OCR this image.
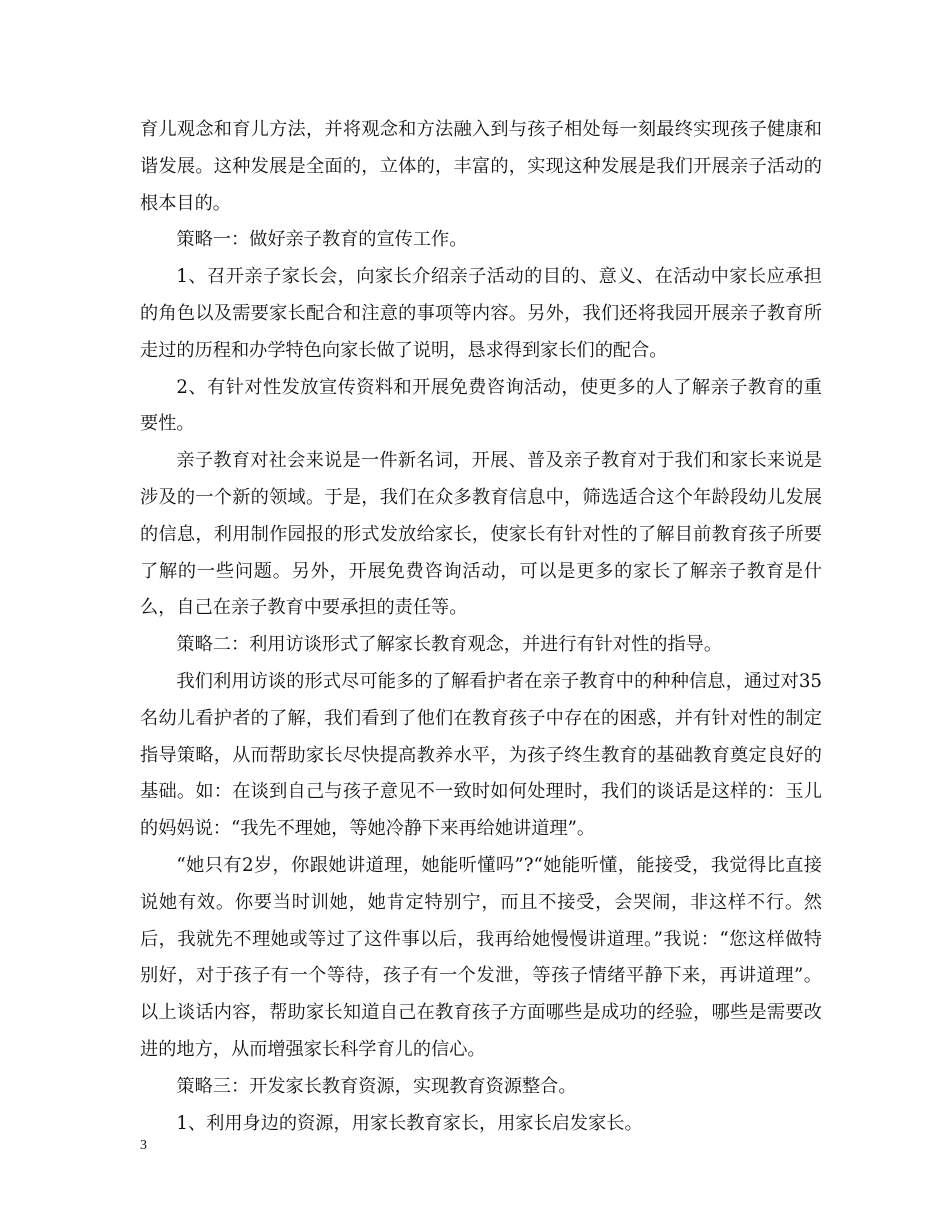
育儿观念和育儿方法，并将观念和方法融入到与孩子相处每一刻最终实现孩子健康和谐发展。这种发展是全面的，立体的，丰富的，实现这种发展是我们开展亲子活动的根本目的。

策略一：做好亲子教育的宣传工作。

1、召开亲子家长会，向家长介绍亲子活动的目的、意义、在活动中家长应承担的角色以及需要家长配合和注意的事项等内容。另外，我们还将我园开展亲子教育所走过的历程和办学特色向家长做了说明，恳求得到家长们的配合。

2、有针对性发放宣传资料和开展免费咨询活动，使更多的人了解亲子教育的重要性。

亲子教育对社会来说是一件新名词，开展、普及亲子教育对于我们和家长来说是涉及的一个新的领域。于是，我们在众多教育信息中，筛选适合这个年龄段幼儿发展的信息，利用制作园报的形式发放给家长，使家长有针对性的了解目前教育孩子所要了解的一些问题。另外，开展免费咨询活动，可以是更多的家长了解亲子教育是什么，自己在亲子教育中要承担的责任等。

策略二：利用访谈形式了解家长教育观念，并进行有针对性的指导。

我们利用访谈的形式尽可能多的了解看护者在亲子教育中的种种信息，通过对35名幼儿看护者的了解，我们看到了他们在教育孩子中存在的困惑，并有针对性的制定指导策略，从而帮助家长尽快提高教养水平，为孩子终生教育的基础教育奠定良好的基础。如：在谈到自己与孩子意见不一致时如何处理时，我们的谈话是这样的：玉儿的妈妈说：“我先不理她，等她冷静下来再给她讲道理”。

“她只有2岁，你跟她讲道理，她能听懂吗”?“她能听懂，能接受，我觉得比直接说她有效。你要当时训她，她肯定特别宁，而且不接受，会哭闹，非这样不行。然后，我就先不理她或等过了这件事以后，我再给她慢慢讲道理。”我说：“您这样做特别好，对于孩子有一个等待，孩子有一个发泄，等孩子情绪平静下来，再讲道理”。以上谈话内容，帮助家长知道自己在教育孩子方面哪些是成功的经验，哪些是需要改进的地方，从而增强家长科学育儿的信心。

策略三：开发家长教育资源，实现教育资源整合。

1、利用身边的资源，用家长教育家长，用家长启发家长。

3
